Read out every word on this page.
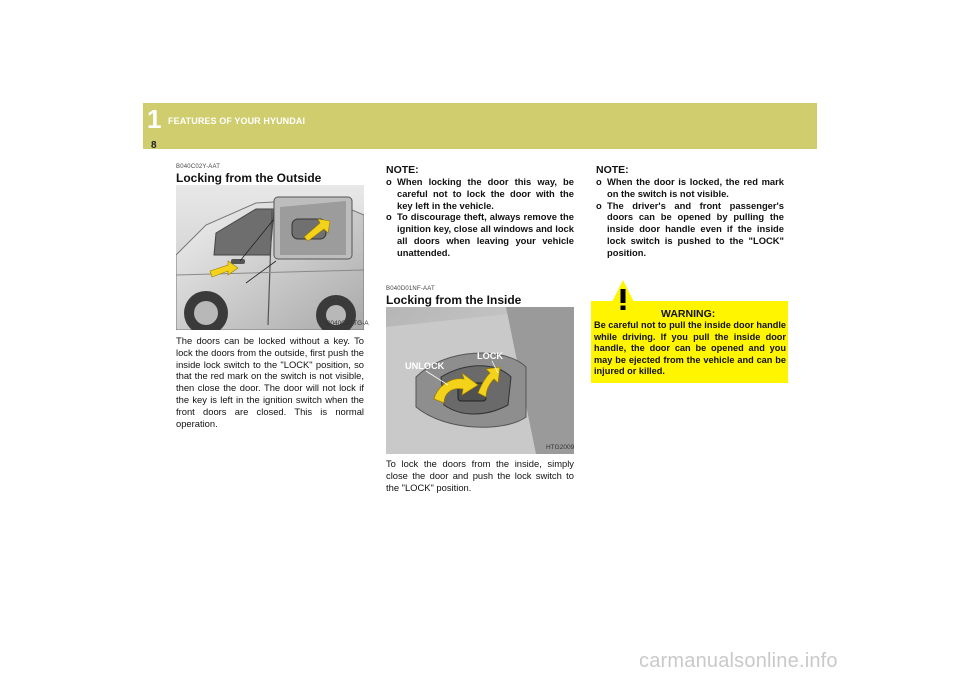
1 FEATURES OF YOUR HYUNDAI
8
B040C02Y-AAT
Locking from the Outside
B040C01TG-A

The doors can be locked without a key. To lock the doors from the outside, first push the inside lock switch to the "LOCK" position, so that the red mark on the switch is not visible, then close the door. The door will not lock if the key is left in the ignition switch when the front doors are closed. This is normal operation.

NOTE:
o When locking the door this way, be careful not to lock the door with the key left in the vehicle.
o To discourage theft, always remove the ignition key, close all windows and lock all doors when leaving your vehicle unattended.
B040D01NF-AAT
Locking from the Inside
UNLOCK
LOCK
HTG2009

To lock the doors from the inside, simply close the door and push the lock switch to the "LOCK" position.

NOTE:
o When the door is locked, the red mark on the switch is not visible.
o The driver's and front passenger's doors can be opened by pulling the inside door handle even if the inside lock switch is pushed to the "LOCK" position.
WARNING:

Be careful not to pull the inside door handle while driving. If you pull the inside door handle, the door can be opened and you may be ejected from the vehicle and can be injured or killed.

carmanualsonline.info
